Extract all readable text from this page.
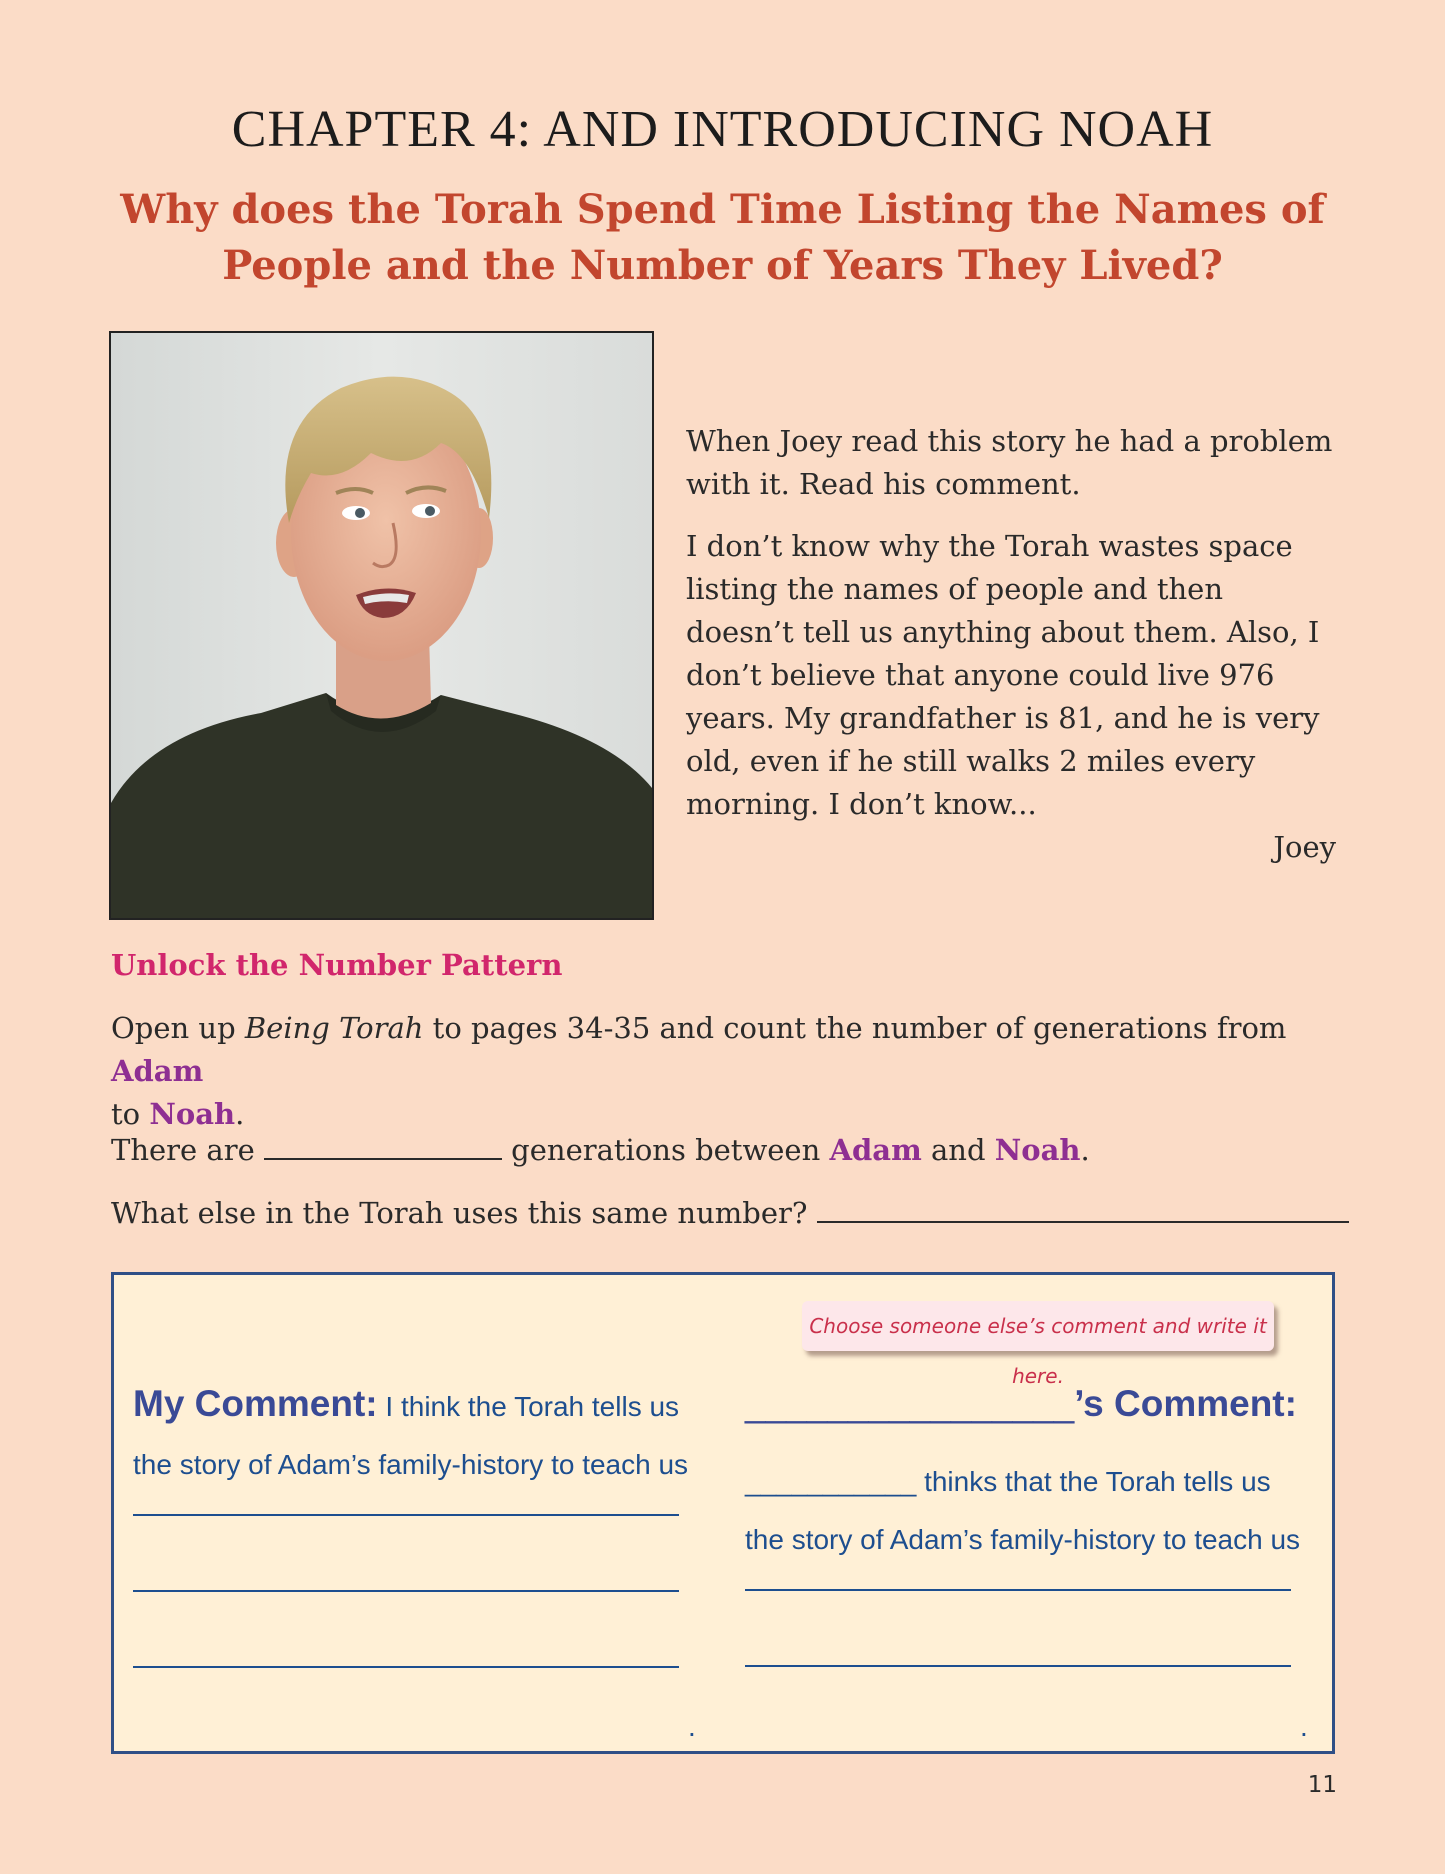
CHAPTER 4: AND INTRODUCING NOAH
Why does the Torah Spend Time Listing the Names of
People and the Number of Years They Lived?

When Joey read this story he had a problem with it. Read his comment.

I don’t know why the Torah wastes space listing the names of people and then doesn’t tell us anything about them. Also, I don’t believe that anyone could live 976 years. My grandfather is 81, and he is very old, even if he still walks 2 miles every morning. I don’t know...

Joey

Unlock the Number Pattern

Open up Being Torah to pages 34-35 and count the number of generations from Adam
to Noah.

There are	generations between Adam and Noah.

What else in the Torah uses this same number?

Choose someone else’s comment and write it here.
My Comment: I think the Torah tells us
the story of Adam’s family-history to teach us
.
________________’s Comment:
___________ thinks that the Torah tells us
the story of Adam’s family-history to teach us
.
11
